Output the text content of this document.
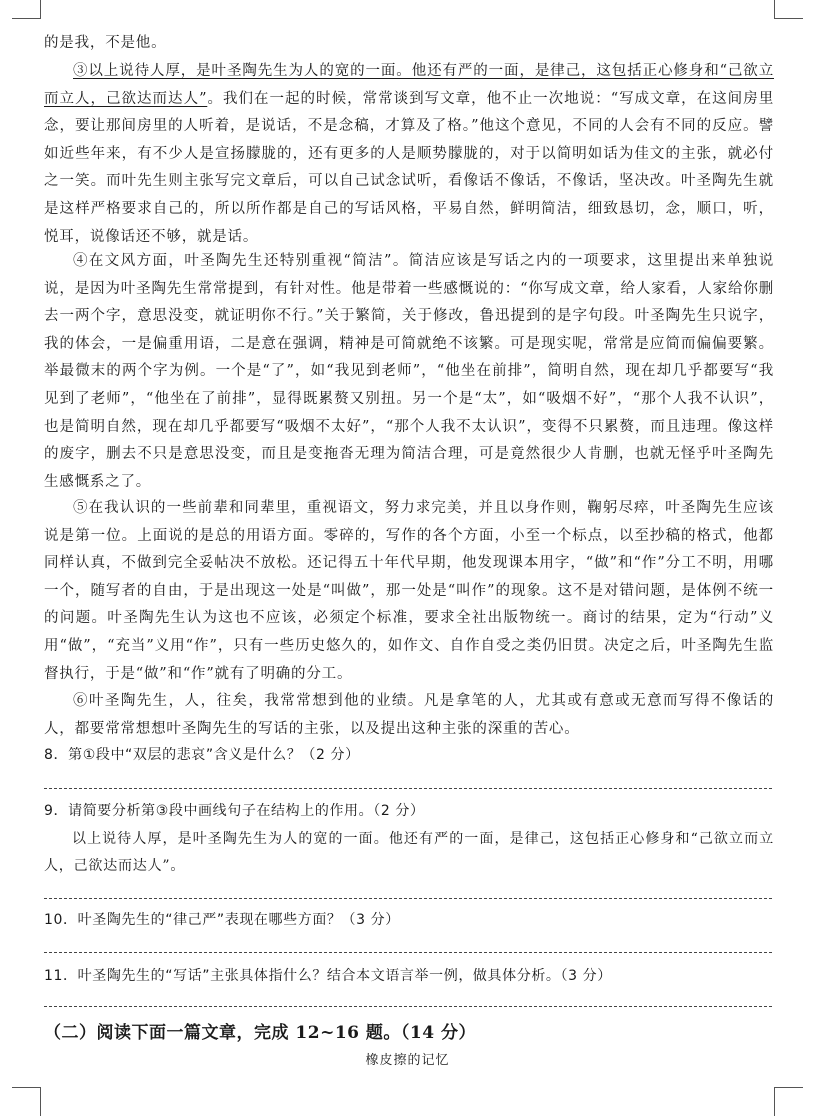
的是我，不是他。

③以上说待人厚，是叶圣陶先生为人的宽的一面。他还有严的一面，是律己，这包括正心修身和“己欲立而立人，己欲达而达人”。我们在一起的时候，常常谈到写文章，他不止一次地说：“写成文章，在这间房里念，要让那间房里的人听着，是说话，不是念稿，才算及了格。”他这个意见，不同的人会有不同的反应。譬如近些年来，有不少人是宣扬朦胧的，还有更多的人是顺势朦胧的，对于以简明如话为佳文的主张，就必付之一笑。而叶先生则主张写完文章后，可以自己试念试听，看像话不像话，不像话，坚决改。叶圣陶先生就是这样严格要求自己的，所以所作都是自己的写话风格，平易自然，鲜明简洁，细致恳切，念，顺口，听，悦耳，说像话还不够，就是话。

④在文风方面，叶圣陶先生还特别重视“简洁”。简洁应该是写话之内的一项要求，这里提出来单独说说，是因为叶圣陶先生常常提到，有针对性。他是带着一些感慨说的：“你写成文章，给人家看，人家给你删去一两个字，意思没变，就证明你不行。”关于繁简，关于修改，鲁迅提到的是字句段。叶圣陶先生只说字，我的体会，一是偏重用语，二是意在强调，精神是可简就绝不该繁。可是现实呢，常常是应简而偏偏要繁。举最微末的两个字为例。一个是“了”，如“我见到老师”，“他坐在前排”，简明自然，现在却几乎都要写“我见到了老师”，“他坐在了前排”，显得既累赘又别扭。另一个是“太”，如“吸烟不好”，“那个人我不认识”，也是简明自然，现在却几乎都要写“吸烟不太好”，“那个人我不太认识”，变得不只累赘，而且违理。像这样的废字，删去不只是意思没变，而且是变拖沓无理为简洁合理，可是竟然很少人肯删，也就无怪乎叶圣陶先生感慨系之了。

⑤在我认识的一些前辈和同辈里，重视语文，努力求完美，并且以身作则，鞠躬尽瘁，叶圣陶先生应该说是第一位。上面说的是总的用语方面。零碎的，写作的各个方面，小至一个标点，以至抄稿的格式，他都同样认真，不做到完全妥帖决不放松。还记得五十年代早期，他发现课本用字，“做”和“作”分工不明，用哪一个，随写者的自由，于是出现这一处是“叫做”，那一处是“叫作”的现象。这不是对错问题，是体例不统一的问题。叶圣陶先生认为这也不应该，必须定个标准，要求全社出版物统一。商讨的结果，定为“行动”义用“做”，“充当”义用“作”，只有一些历史悠久的，如作文、自作自受之类仍旧贯。决定之后，叶圣陶先生监督执行，于是“做”和“作”就有了明确的分工。

⑥叶圣陶先生，人，往矣，我常常想到他的业绩。凡是拿笔的人，尤其或有意或无意而写得不像话的人，都要常常想想叶圣陶先生的写话的主张，以及提出这种主张的深重的苦心。

8．第①段中“双层的悲哀”含义是什么？（2 分）

9．请简要分析第③段中画线句子在结构上的作用。（2 分）

以上说待人厚，是叶圣陶先生为人的宽的一面。他还有严的一面，是律己，这包括正心修身和“己欲立而立人，己欲达而达人”。

10．叶圣陶先生的“律己严”表现在哪些方面？（3 分）

11．叶圣陶先生的“写话”主张具体指什么？结合本文语言举一例，做具体分析。（3 分）

（二）阅读下面一篇文章，完成 12~16 题。（14 分）

橡皮擦的记忆
